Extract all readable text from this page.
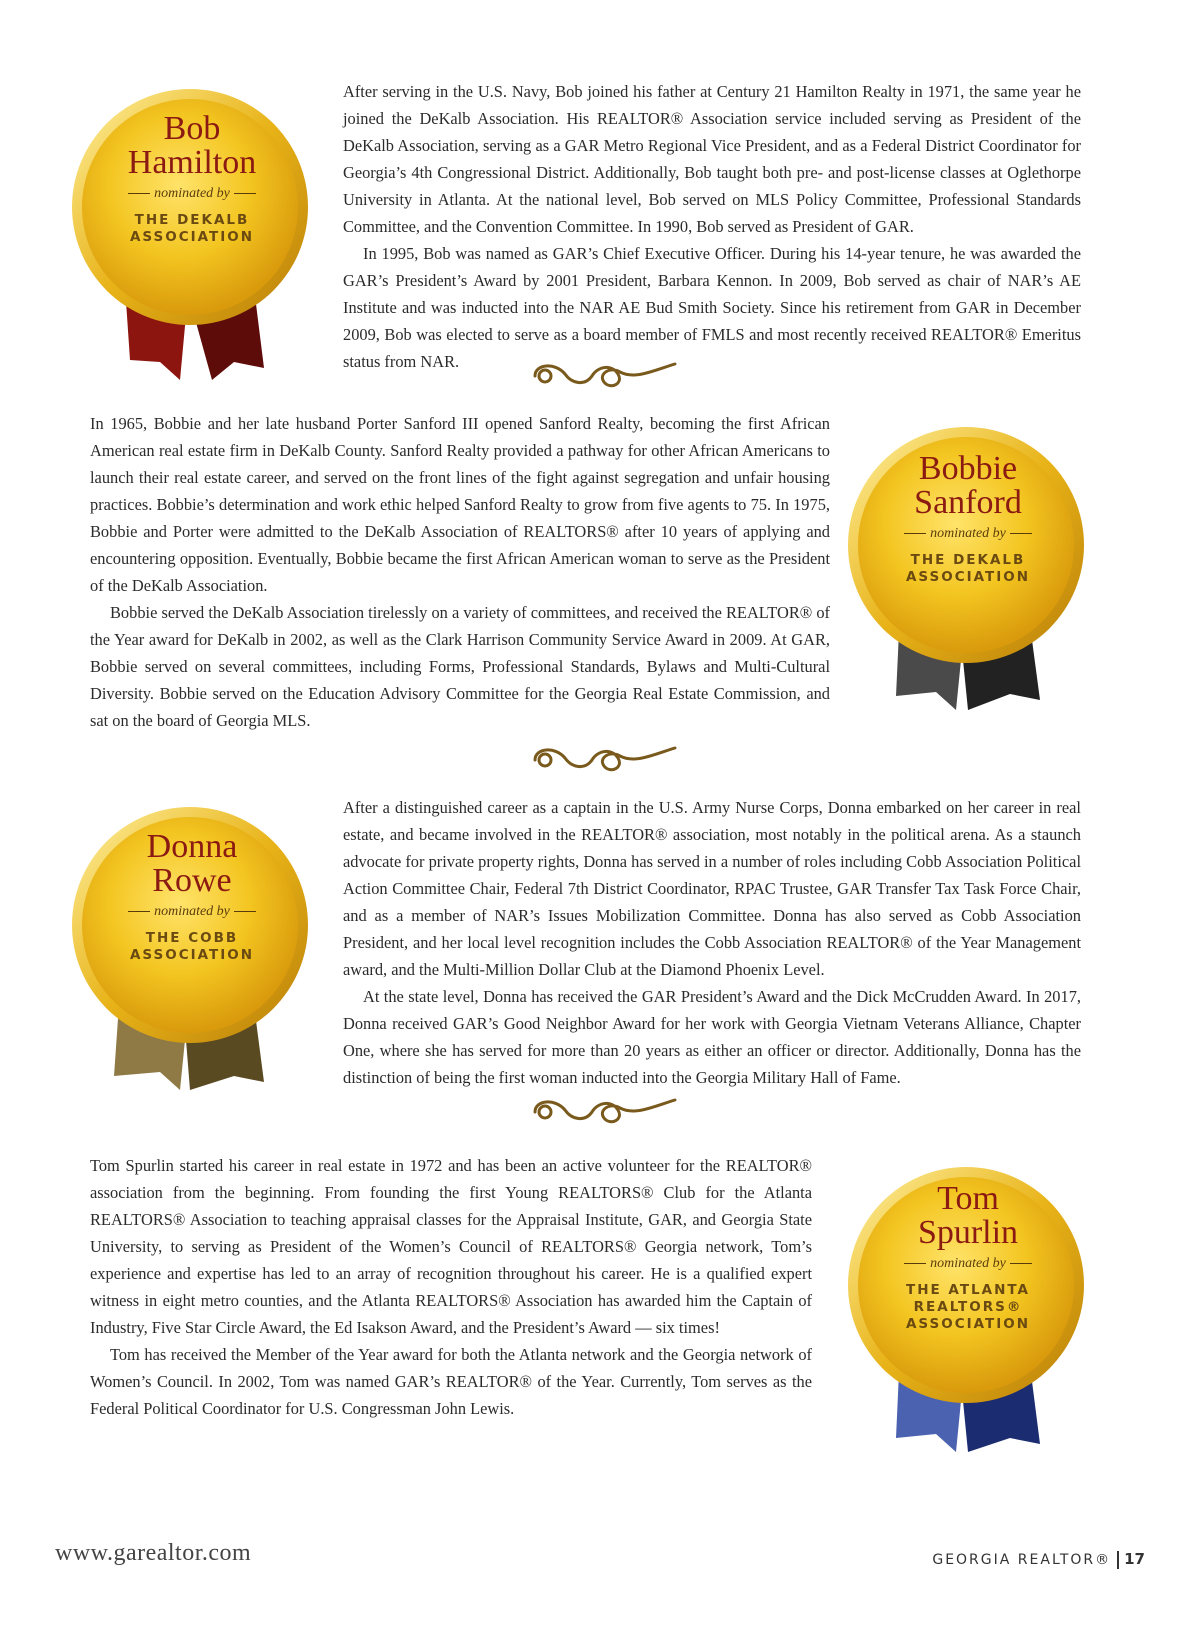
Bob
Hamilton
nominated by
THE DEKALB
ASSOCIATION

After serving in the U.S. Navy, Bob joined his father at Century 21 Hamilton Realty in 1971, the same year he joined the DeKalb Association. His REALTOR® Association service included serving as President of the DeKalb Association, serving as a GAR Metro Regional Vice President, and as a Federal District Coordinator for Georgia’s 4th Congressional District. Additionally, Bob taught both pre- and post-license classes at Oglethorpe University in Atlanta. At the national level, Bob served on MLS Policy Committee, Professional Standards Committee, and the Convention Committee. In 1990, Bob served as President of GAR.

In 1995, Bob was named as GAR’s Chief Executive Officer. During his 14-year tenure, he was awarded the GAR’s President’s Award by 2001 President, Barbara Kennon. In 2009, Bob served as chair of NAR’s AE Institute and was inducted into the NAR AE Bud Smith Society. Since his retirement from GAR in December 2009, Bob was elected to serve as a board member of FMLS and most recently received REALTOR® Emeritus status from NAR.

In 1965, Bobbie and her late husband Porter Sanford III opened Sanford Realty, becoming the first African American real estate firm in DeKalb County. Sanford Realty provided a pathway for other African Americans to launch their real estate career, and served on the front lines of the fight against segregation and unfair housing practices. Bobbie’s determination and work ethic helped Sanford Realty to grow from five agents to 75. In 1975, Bobbie and Porter were admitted to the DeKalb Association of REALTORS® after 10 years of applying and encountering opposition. Eventually, Bobbie became the first African American woman to serve as the President of the DeKalb Association.

Bobbie served the DeKalb Association tirelessly on a variety of committees, and received the REALTOR® of the Year award for DeKalb in 2002, as well as the Clark Harrison Community Service Award in 2009. At GAR, Bobbie served on several committees, including Forms, Professional Standards, Bylaws and Multi-Cultural Diversity. Bobbie served on the Education Advisory Committee for the Georgia Real Estate Commission, and sat on the board of Georgia MLS.

Bobbie
Sanford
nominated by
THE DEKALB
ASSOCIATION
Donna
Rowe
nominated by
THE COBB
ASSOCIATION

After a distinguished career as a captain in the U.S. Army Nurse Corps, Donna embarked on her career in real estate, and became involved in the REALTOR® association, most notably in the political arena. As a staunch advocate for private property rights, Donna has served in a number of roles including Cobb Association Political Action Committee Chair, Federal 7th District Coordinator, RPAC Trustee, GAR Transfer Tax Task Force Chair, and as a member of NAR’s Issues Mobilization Committee. Donna has also served as Cobb Association President, and her local level recognition includes the Cobb Association REALTOR® of the Year Management award, and the Multi-Million Dollar Club at the Diamond Phoenix Level.

At the state level, Donna has received the GAR President’s Award and the Dick McCrudden Award. In 2017, Donna received GAR’s Good Neighbor Award for her work with Georgia Vietnam Veterans Alliance, Chapter One, where she has served for more than 20 years as either an officer or director. Additionally, Donna has the distinction of being the first woman inducted into the Georgia Military Hall of Fame.

Tom Spurlin started his career in real estate in 1972 and has been an active volunteer for the REALTOR® association from the beginning. From founding the first Young REALTORS® Club for the Atlanta REALTORS® Association to teaching appraisal classes for the Appraisal Institute, GAR, and Georgia State University, to serving as President of the Women’s Council of REALTORS® Georgia network, Tom’s experience and expertise has led to an array of recognition throughout his career. He is a qualified expert witness in eight metro counties, and the Atlanta REALTORS® Association has awarded him the Captain of Industry, Five Star Circle Award, the Ed Isakson Award, and the President’s Award — six times!

Tom has received the Member of the Year award for both the Atlanta network and the Georgia network of Women’s Council. In 2002, Tom was named GAR’s REALTOR® of the Year. Currently, Tom serves as the Federal Political Coordinator for U.S. Congressman John Lewis.

Tom
Spurlin
nominated by
THE ATLANTA
REALTORS®
ASSOCIATION
www.garealtor.com	GEORGIA REALTOR® 17
